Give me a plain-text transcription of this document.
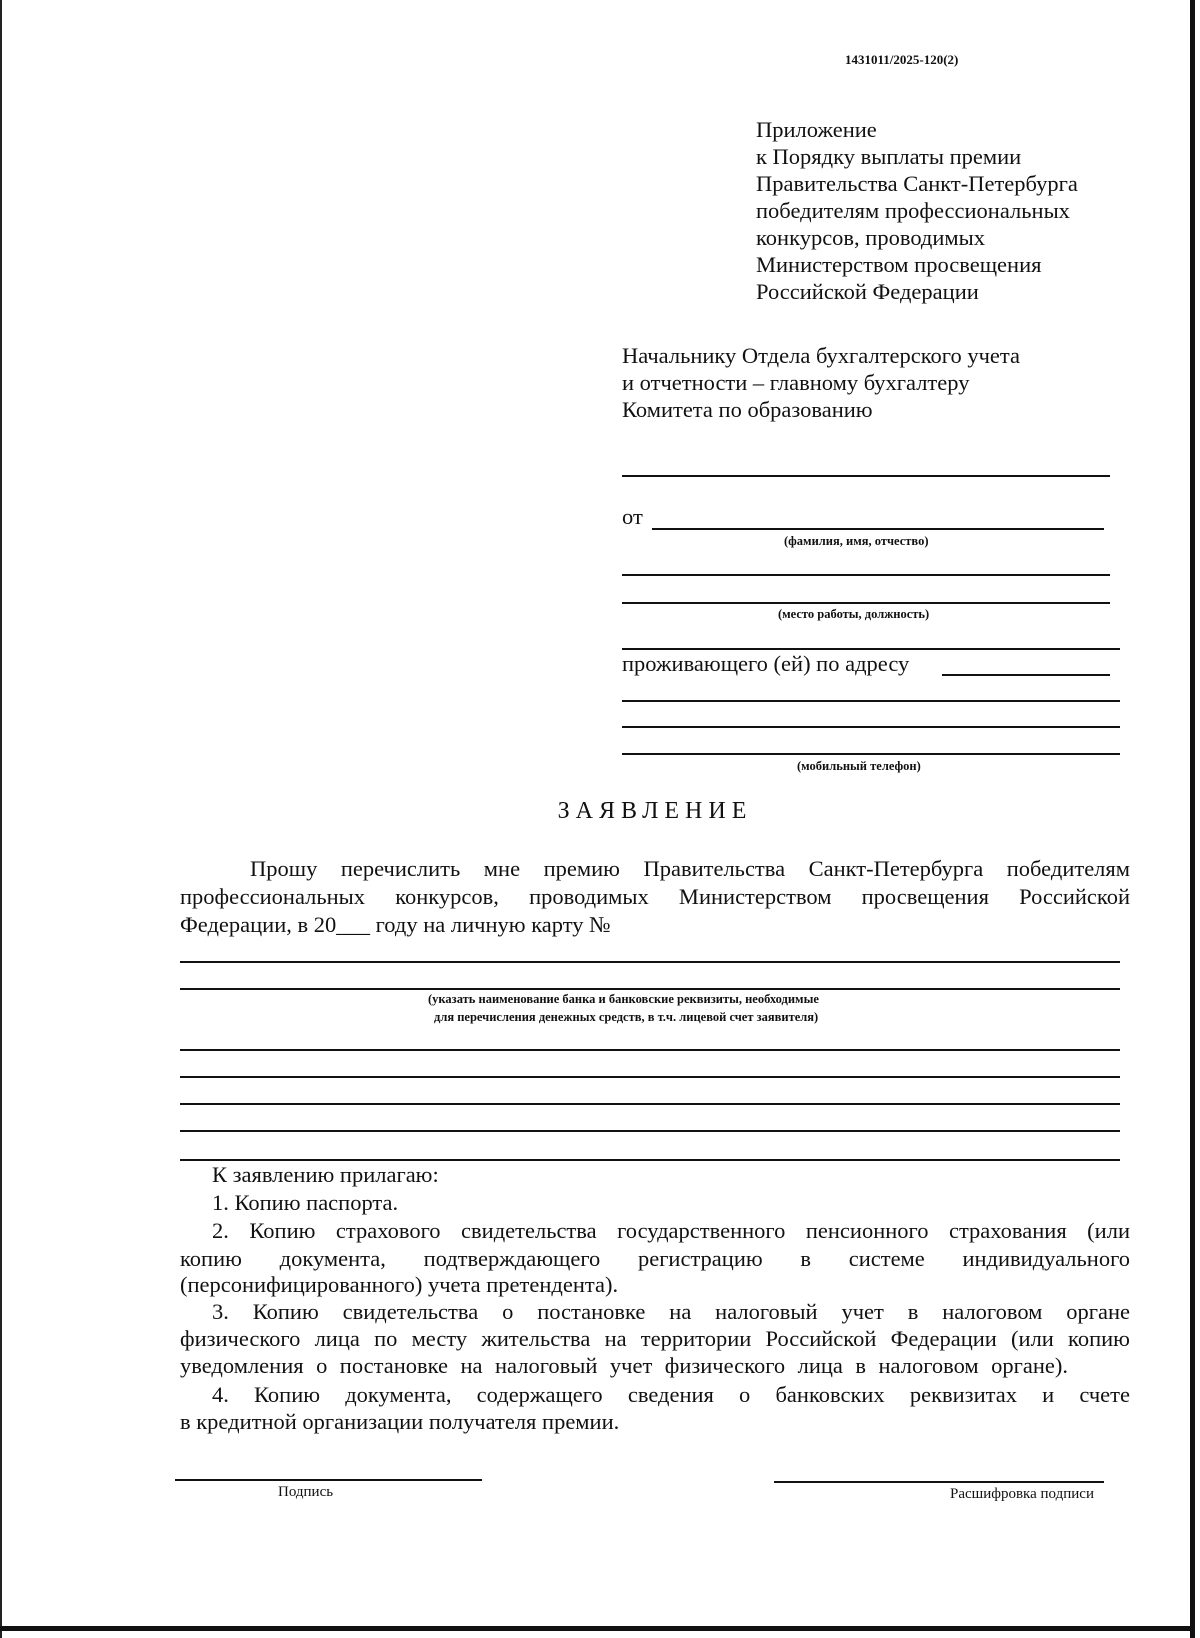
1431011/2025-120(2)
Приложение
к Порядку выплаты премии
Правительства Санкт-Петербурга
победителям профессиональных
конкурсов, проводимых
Министерством просвещения
Российской Федерации
Начальнику Отдела бухгалтерского учета
и отчетности – главному бухгалтеру
Комитета по образованию
от
(фамилия, имя, отчество)
(место работы, должность)
проживающего (ей) по адресу
(мобильный телефон)
ЗАЯВЛЕНИЕ
Прошу перечислить мне премию Правительства Санкт-Петербурга победителям
профессиональных конкурсов, проводимых Министерством просвещения Российской
Федерации, в 20___ году на личную карту №
(указать наименование банка и банковские реквизиты, необходимые
для перечисления денежных средств, в т.ч. лицевой счет заявителя)
К заявлению прилагаю:
1. Копию паспорта.
2. Копию страхового свидетельства государственного пенсионного страхования (или
копию документа, подтверждающего регистрацию в системе индивидуального
(персонифицированного) учета претендента).
3. Копию свидетельства о постановке на налоговый учет в налоговом органе
физического лица по месту жительства на территории Российской Федерации (или копию
уведомления о постановке на налоговый учет физического лица в налоговом органе).
4. Копию документа, содержащего сведения о банковских реквизитах и счете
в кредитной организации получателя премии.
Подпись	Расшифровка подписи
